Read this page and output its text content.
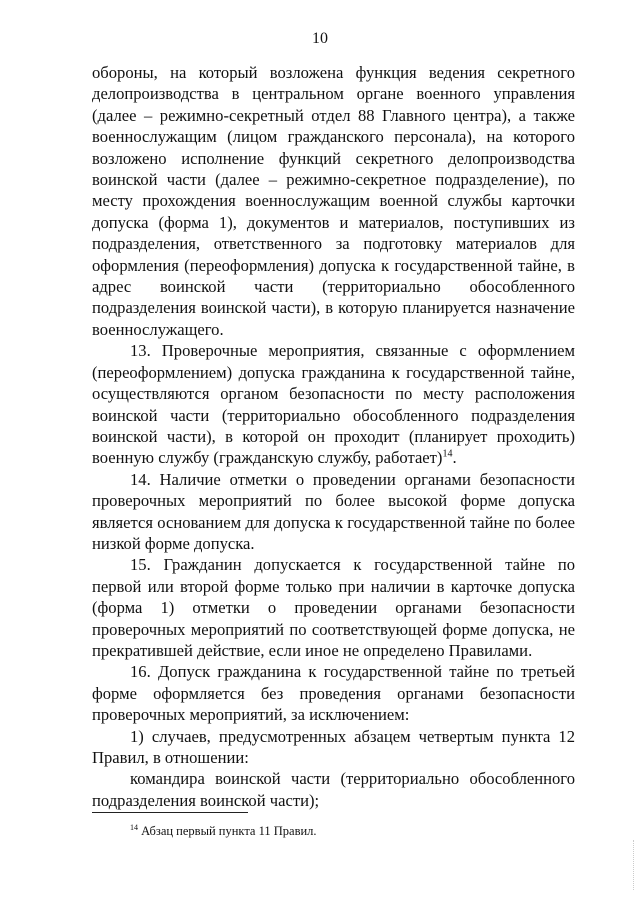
10

обороны, на который возложена функция ведения секретного делопроизводства в центральном органе военного управления (далее – режимно-секретный отдел 88 Главного центра), а также военнослужащим (лицом гражданского персонала), на которого возложено исполнение функций секретного делопроизводства воинской части (далее – режимно-секретное подразделение), по месту прохождения военнослужащим военной службы карточки допуска (форма 1), документов и материалов, поступивших из подразделения, ответственного за подготовку материалов для оформления (переоформления) допуска к государственной тайне, в адрес воинской части (территориально обособленного подразделения воинской части), в которую планируется назначение военнослужащего.

13. Проверочные мероприятия, связанные с оформлением (переоформлением) допуска гражданина к государственной тайне, осуществляются органом безопасности по месту расположения воинской части (территориально обособленного подразделения воинской части), в которой он проходит (планирует проходить) военную службу (гражданскую службу, работает)$^{14}$.

14. Наличие отметки о проведении органами безопасности проверочных мероприятий по более высокой форме допуска является основанием для допуска к государственной тайне по более низкой форме допуска.

15. Гражданин допускается к государственной тайне по первой или второй форме только при наличии в карточке допуска (форма 1) отметки о проведении органами безопасности проверочных мероприятий по соответствующей форме допуска, не прекратившей действие, если иное не определено Правилами.

16. Допуск гражданина к государственной тайне по третьей форме оформляется без проведения органами безопасности проверочных мероприятий, за исключением:

1) случаев, предусмотренных абзацем четвертым пункта 12 Правил, в отношении:

командира воинской части (территориально обособленного подразделения воинской части);

$^{14}$ Абзац первый пункта 11 Правил.
